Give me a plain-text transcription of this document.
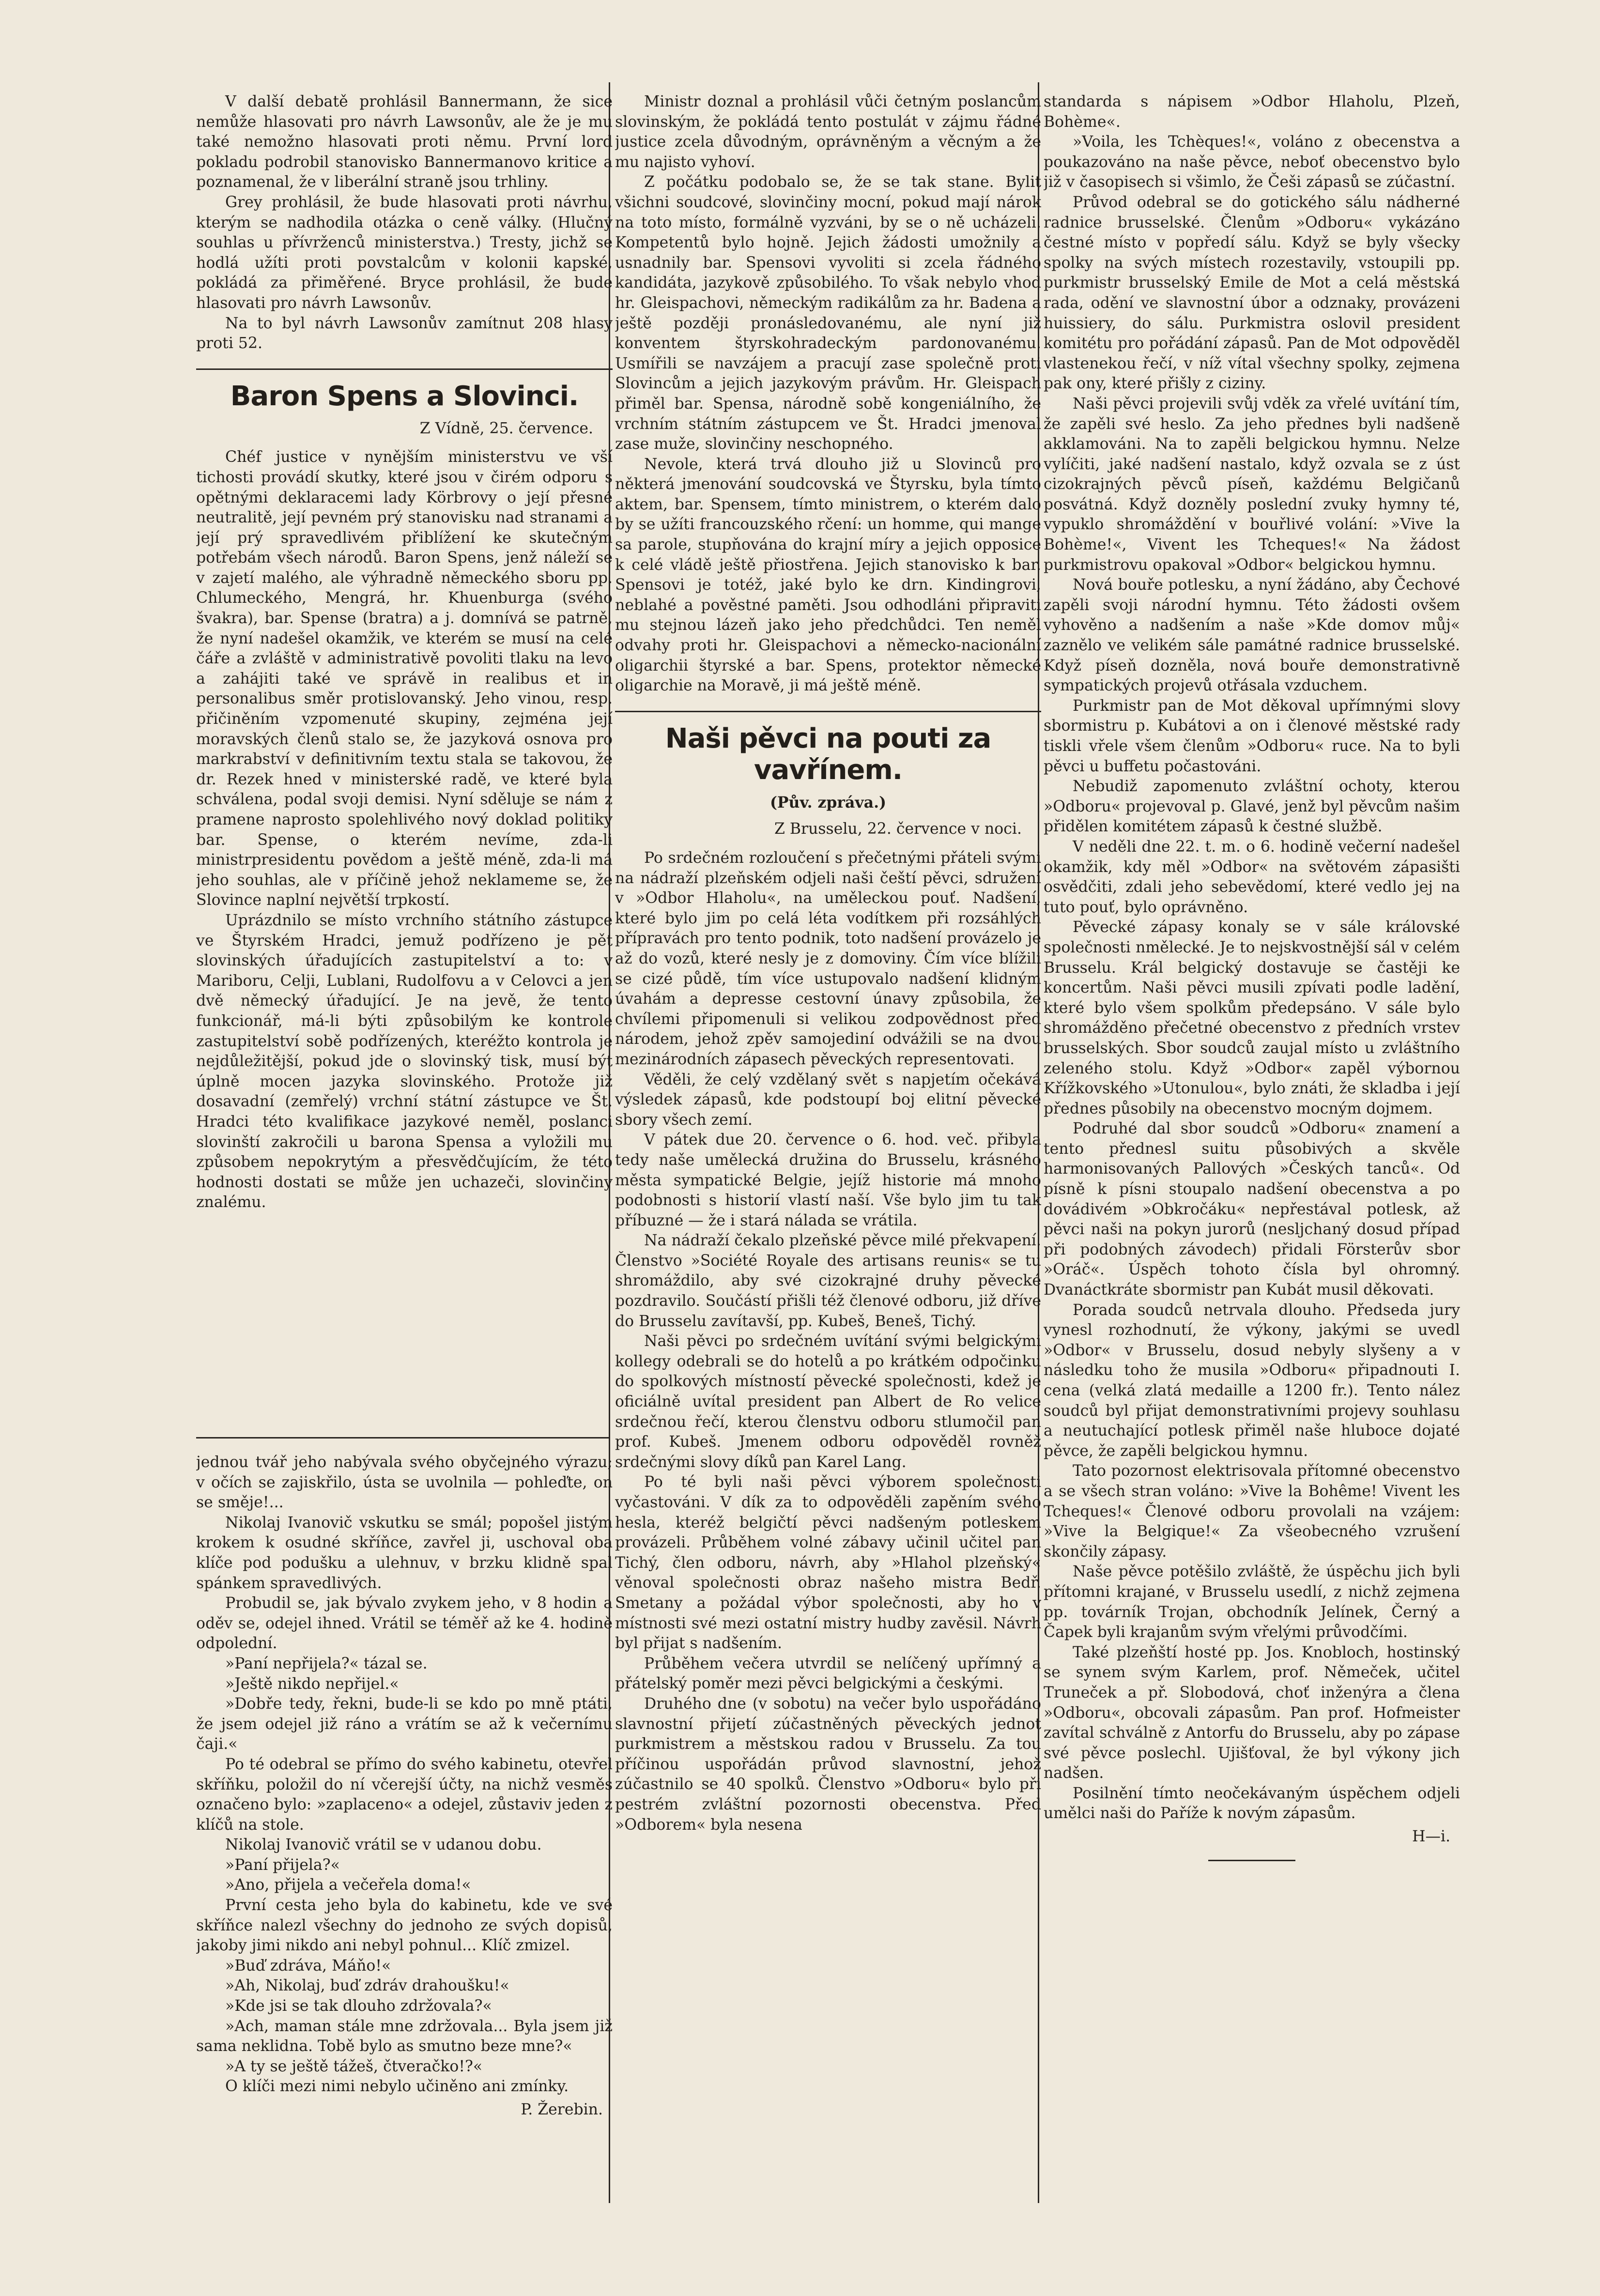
V další debatě prohlásil Bannermann, že sice nemůže hlasovati pro návrh Lawsonův, ale že je mu také nemožno hlasovati proti němu. První lord pokladu podrobil stanovisko Bannermanovo kritice a poznamenal, že v liberální straně jsou trhliny.

Grey prohlásil, že bude hlasovati proti návrhu, kterým se nadhodila otázka o ceně války. (Hlučný souhlas u přívrženců ministerstva.) Tresty, jichž se hodlá užíti proti povstalcům v kolonii kapské, pokládá za přiměřené. Bryce prohlásil, že bude hlasovati pro návrh Lawsonův.

Na to byl návrh Lawsonův zamítnut 208 hlasy proti 52.

Baron Spens a Slovinci.
Z Vídně, 25. července.

Chéf justice v nynějším ministerstvu ve vší tichosti provádí skutky, které jsou v čirém odporu s opětnými deklaracemi lady Körbrovy o její přesné neutralitě, její pevném prý stanovisku nad stranami a její prý spravedlivém přiblížení ke skutečným potřebám všech národů. Baron Spens, jenž náleží se v zajetí malého, ale výhradně německého sboru pp. Chlumeckého, Mengrá, hr. Khuenburga (svého švakra), bar. Spense (bratra) a j. domnívá se patrně, že nyní nadešel okamžik, ve kterém se musí na celé čáře a zvláště v administrativě povoliti tlaku na levo a zahájiti také ve správě in realibus et in personalibus směr protislovanský. Jeho vinou, resp. přičiněním vzpomenuté skupiny, zejména její moravských členů stalo se, že jazyková osnova pro markrabství v definitivním textu stala se takovou, že dr. Rezek hned v ministerské radě, ve které byla schválena, podal svoji demisi. Nyní sděluje se nám z pramene naprosto spolehlivého nový doklad politiky bar. Spense, o kterém nevíme, zda-li ministrpresidentu povědom a ještě méně, zda-li má jeho souhlas, ale v příčině jehož neklameme se, že Slovince naplní největší trpkostí.

Uprázdnilo se místo vrchního státního zástupce ve Štyrském Hradci, jemuž podřízeno je pět slovinských úřadujících zastupitelství a to: v Mariboru, Celji, Lublani, Rudolfovu a v Celovci a jen dvě německý úřadující. Je na jevě, že tento funkcionář, má-li býti způsobilým ke kontrole zastupitelství sobě podřízených, kteréžto kontrola je nejdůležitější, pokud jde o slovinský tisk, musí být úplně mocen jazyka slovinského. Protože již dosavadní (zemřelý) vrchní státní zástupce ve Št. Hradci této kvalifikace jazykové neměl, poslanci slovinští zakročili u barona Spensa a vyložili mu způsobem nepokrytým a přesvědčujícím, že této hodnosti dostati se může jen uchazeči, slovinčiny znalému.

jednou tvář jeho nabývala svého obyčejného výrazu; v očích se zajiskřilo, ústa se uvolnila — pohleďte, on se směje!...

Nikolaj Ivanovič vskutku se smál; popošel jistým krokem k osudné skříňce, zavřel ji, uschoval oba klíče pod podušku a ulehnuv, v brzku klidně spal spánkem spravedlivých.

Probudil se, jak bývalo zvykem jeho, v 8 hodin a oděv se, odejel ihned. Vrátil se téměř až ke 4. hodině odpolední.

»Paní nepřijela?« tázal se.

»Ještě nikdo nepřijel.«

»Dobře tedy, řekni, bude-li se kdo po mně ptáti, že jsem odejel již ráno a vrátím se až k večernímu čaji.«

Po té odebral se přímo do svého kabinetu, otevřel skříňku, položil do ní včerejší účty, na nichž vesměs označeno bylo: »zaplaceno« a odejel, zůstaviv jeden z klíčů na stole.

Nikolaj Ivanovič vrátil se v udanou dobu.

»Paní přijela?«

»Ano, přijela a večeřela doma!«

První cesta jeho byla do kabinetu, kde ve své skříňce nalezl všechny do jednoho ze svých dopisů, jakoby jimi nikdo ani nebyl pohnul... Klíč zmizel.

»Buď zdráva, Máňo!«

»Ah, Nikolaj, buď zdráv drahoušku!«

»Kde jsi se tak dlouho zdržovala?«

»Ach, maman stále mne zdržovala... Byla jsem již sama neklidna. Tobě bylo as smutno beze mne?«

»A ty se ještě tážeš, čtveračko!?«

O klíči mezi nimi nebylo učiněno ani zmínky.

P. Žerebin.

Ministr doznal a prohlásil vůči četným poslancům slovinským, že pokládá tento postulát v zájmu řádné justice zcela důvodným, oprávněným a věcným a že mu najisto vyhoví.

Z počátku podobalo se, že se tak stane. Bylit všichni soudcové, slovinčiny mocní, pokud mají nárok na toto místo, formálně vyzváni, by se o ně ucházeli. Kompetentů bylo hojně. Jejich žádosti umožnily a usnadnily bar. Spensovi vyvoliti si zcela řádného kandidáta, jazykově způsobilého. To však nebylo vhod hr. Gleispachovi, německým radikálům za hr. Badena a ještě později pronásledovanému, ale nyní již konventem štyrskohradeckým pardonovanému. Usmířili se navzájem a pracují zase společně proti Slovincům a jejich jazykovým právům. Hr. Gleispach přiměl bar. Spensa, národně sobě kongeniálního, že vrchním státním zástupcem ve Št. Hradci jmenoval zase muže, slovinčiny neschopného.

Nevole, která trvá dlouho již u Slovinců pro některá jmenování soudcovská ve Štyrsku, byla tímto aktem, bar. Spensem, tímto ministrem, o kterém dalo by se užíti francouzského rčení: un homme, qui mange sa parole, stupňována do krajní míry a jejich opposice k celé vládě ještě přiostřena. Jejich stanovisko k bar. Spensovi je totéž, jaké bylo ke drn. Kindingrovi, neblahé a pověstné paměti. Jsou odhodláni připraviti mu stejnou lázeň jako jeho předchůdci. Ten neměl odvahy proti hr. Gleispachovi a německo-nacionální oligarchii štyrské a bar. Spens, protektor německé oligarchie na Moravě, ji má ještě méně.

Naši pěvci na pouti za vavřínem.
(Pův. zpráva.)
Z Brusselu, 22. července v noci.

Po srdečném rozloučení s přečetnými přáteli svými na nádraží plzeňském odjeli naši čeští pěvci, sdružení v »Odbor Hlaholu«, na uměleckou pouť. Nadšení, které bylo jim po celá léta vodítkem při rozsáhlých přípravách pro tento podnik, toto nadšení provázelo je až do vozů, které nesly je z domoviny. Čím více blížili se cizé půdě, tím více ustupovalo nadšení klidným úvahám a depresse cestovní únavy způsobila, že chvílemi připomenuli si velikou zodpovědnost před národem, jehož zpěv samojediní odvážili se na dvou mezinárodních zápasech pěveckých representovati.

Věděli, že celý vzdělaný svět s napjetím očekává výsledek zápasů, kde podstoupí boj elitní pěvecké sbory všech zemí.

V pátek due 20. července o 6. hod. več. přibyla tedy naše umělecká družina do Brusselu, krásného města sympatické Belgie, jejíž historie má mnoho podobnosti s historií vlastí naší. Vše bylo jim tu tak příbuzné — že i stará nálada se vrátila.

Na nádraží čekalo plzeňské pěvce milé překvapení. Členstvo »Société Royale des artisans reunis« se tu shromáždilo, aby své cizokrajné druhy pěvecké pozdravilo. Součástí přišli též členové odboru, již dříve do Brusselu zavítavší, pp. Kubeš, Beneš, Tichý.

Naši pěvci po srdečném uvítání svými belgickými kollegy odebrali se do hotelů a po krátkém odpočinku do spolkových místností pěvecké společnosti, kdež je oficiálně uvítal president pan Albert de Ro velice srdečnou řečí, kterou členstvu odboru stlumočil pan prof. Kubeš. Jmenem odboru odpověděl rovněž srdečnými slovy díků pan Karel Lang.

Po té byli naši pěvci výborem společnosti vyčastováni. V dík za to odpověděli zapěním svého hesla, kteréž belgičtí pěvci nadšeným potleskem provázeli. Průběhem volné zábavy učinil učitel pan Tichý, člen odboru, návrh, aby »Hlahol plzeňský« věnoval společnosti obraz našeho mistra Bedř. Smetany a požádal výbor společnosti, aby ho v místnosti své mezi ostatní mistry hudby zavěsil. Návrh byl přijat s nadšením.

Průběhem večera utvrdil se nelíčený upřímný a přátelský poměr mezi pěvci belgickými a českými.

Druhého dne (v sobotu) na večer bylo uspořádáno slavnostní přijetí zúčastněných pěveckých jednot purkmistrem a městskou radou v Brusselu. Za tou příčinou uspořádán průvod slavnostní, jehož zúčastnilo se 40 spolků. Členstvo »Odboru« bylo při pestrém zvláštní pozornosti obecenstva. Před »Odborem« byla nesena

standarda s nápisem »Odbor Hlaholu, Plzeň, Bohème«.

»Voila, les Tchèques!«, voláno z obecenstva a poukazováno na naše pěvce, neboť obecenstvo bylo již v časopisech si všimlo, že Češi zápasů se zúčastní.

Průvod odebral se do gotického sálu nádherné radnice brusselské. Členům »Odboru« vykázáno čestné místo v popředí sálu. Když se byly všecky spolky na svých místech rozestavily, vstoupili pp. purkmistr brusselský Emile de Mot a celá městská rada, odění ve slavnostní úbor a odznaky, provázeni huissiery, do sálu. Purkmistra oslovil president komitétu pro pořádání zápasů. Pan de Mot odpověděl vlastenekou řečí, v níž vítal všechny spolky, zejmena pak ony, které přišly z ciziny.

Naši pěvci projevili svůj vděk za vřelé uvítání tím, že zapěli své heslo. Za jeho přednes byli nadšeně akklamováni. Na to zapěli belgickou hymnu. Nelze vylíčiti, jaké nadšení nastalo, když ozvala se z úst cizokrajných pěvců píseň, každému Belgičanů posvátná. Když dozněly poslední zvuky hymny té, vypuklo shromáždění v bouřlivé volání: »Vive la Bohème!«, Vivent les Tcheques!« Na žádost purkmistrovu opakoval »Odbor« belgickou hymnu.

Nová bouře potlesku, a nyní žádáno, aby Čechové zapěli svoji národní hymnu. Této žádosti ovšem vyhověno a nadšením a naše »Kde domov můj« zaznělo ve velikém sále památné radnice brusselské. Když píseň dozněla, nová bouře demonstrativně sympatických projevů otřásala vzduchem.

Purkmistr pan de Mot děkoval upřímnými slovy sbormistru p. Kubátovi a on i členové městské rady tiskli vřele všem členům »Odboru« ruce. Na to byli pěvci u buffetu počastováni.

Nebudiž zapomenuto zvláštní ochoty, kterou »Odboru« projevoval p. Glavé, jenž byl pěvcům našim přidělen komitétem zápasů k čestné službě.

V neděli dne 22. t. m. o 6. hodině večerní nadešel okamžik, kdy měl »Odbor« na světovém zápasišti osvědčiti, zdali jeho sebevědomí, které vedlo jej na tuto pouť, bylo oprávněno.

Pěvecké zápasy konaly se v sále královské společnosti nmělecké. Je to nejskvostnější sál v celém Brusselu. Král belgický dostavuje se častěji ke koncertům. Naši pěvci musili zpívati podle ladění, které bylo všem spolkům předepsáno. V sále bylo shromážděno přečetné obecenstvo z předních vrstev brusselských. Sbor soudců zaujal místo u zvláštního zeleného stolu. Když »Odbor« zapěl výbornou Křížkovského »Utonulou«, bylo znáti, že skladba i její přednes působily na obecenstvo mocným dojmem.

Podruhé dal sbor soudců »Odboru« znamení a tento přednesl suitu působivých a skvěle harmonisovaných Pallových »Českých tanců«. Od písně k písni stoupalo nadšení obecenstva a po dovádivém »Obkročáku« nepřestával potlesk, až pěvci naši na pokyn jurorů (nesljchaný dosud případ při podobných závodech) přidali Försterův sbor »Oráč«. Úspěch tohoto čísla byl ohromný. Dvanáctkráte sbormistr pan Kubát musil děkovati.

Porada soudců netrvala dlouho. Předseda jury vynesl rozhodnutí, že výkony, jakými se uvedl »Odbor« v Brusselu, dosud nebyly slyšeny a v následku toho že musila »Odboru« připadnouti I. cena (velká zlatá medaille a 1200 fr.). Tento nález soudců byl přijat demonstrativními projevy souhlasu a neutuchající potlesk přiměl naše hluboce dojaté pěvce, že zapěli belgickou hymnu.

Tato pozornost elektrisovala přítomné obecenstvo a se všech stran voláno: »Vive la Bohême! Vivent les Tcheques!« Členové odboru provolali na vzájem: »Vive la Belgique!« Za všeobecného vzrušení skončily zápasy.

Naše pěvce potěšilo zvláště, že úspěchu jich byli přítomni krajané, v Brusselu usedlí, z nichž zejmena pp. továrník Trojan, obchodník Jelínek, Černý a Čapek byli krajanům svým vřelými průvodčími.

Také plzeňští hosté pp. Jos. Knobloch, hostinský se synem svým Karlem, prof. Němeček, učitel Truneček a př. Slobodová, choť inženýra a člena »Odboru«, obcovali zápasům. Pan prof. Hofmeister zavítal schválně z Antorfu do Brusselu, aby po zápase své pěvce poslechl. Ujišťoval, že byl výkony jich nadšen.

Posilnění tímto neočekávaným úspěchem odjeli umělci naši do Paříže k novým zápasům.

H—i.
